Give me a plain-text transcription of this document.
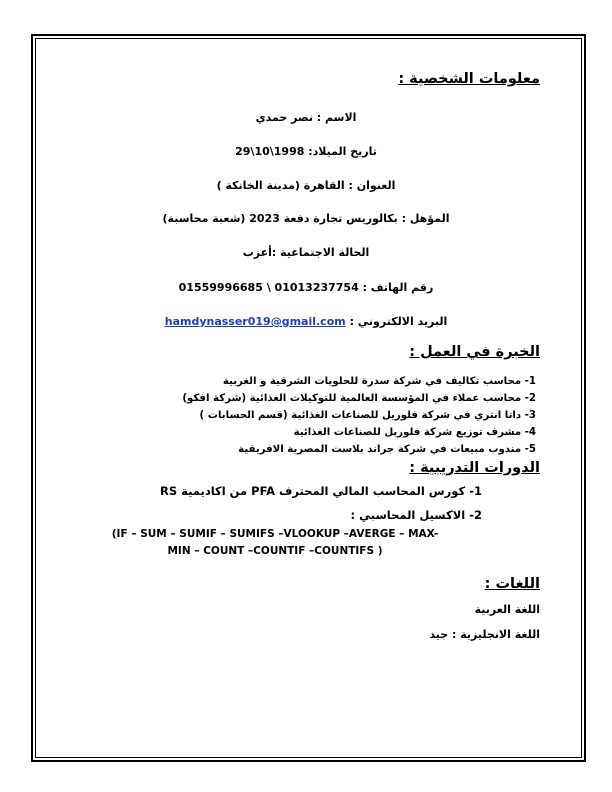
معلومات الشخصية :
الاسم : نصر حمدي
تاريخ الميلاد: 1998\10\29
العنوان : القاهرة (مدينة الخانكة )
المؤهل : بكالوريس تجارة دفعة 2023 (شعبة محاسبة)
الحالة الاجتماعية :أعزب
رقم الهاتف : 01013237754 \ 01559996685
البريد الالكتروني : hamdynasser019@gmail.com
الخبرة في العمل :
1- محاسب تكاليف في شركة سدرة للحلويات الشرقية و الغربية
2- محاسب عملاء في المؤسسة العالمية للتوكيلات الغذائية (شركة افكو)
3- داتا انتري في شركة فلوريل للصناعات الغذائية (قسم الحسابات )
4- مشرف توزيع شركة فلوريل للصناعات الغذائية
5- مندوب مبيعات في شركة جراند بلاست المصرية الافريقية
الدورات التدريبية :
1- كورس المحاسب المالي المحترف PFA من اكاديمية RS
2- الاكسيل المحاسبي :
(IF – SUM – SUMIF – SUMIFS –VLOOKUP –AVERGE – MAX-
MIN – COUNT –COUNTIF –COUNTIFS )
اللغات :
اللغة العربية
اللغة الانجليزية : جيد
